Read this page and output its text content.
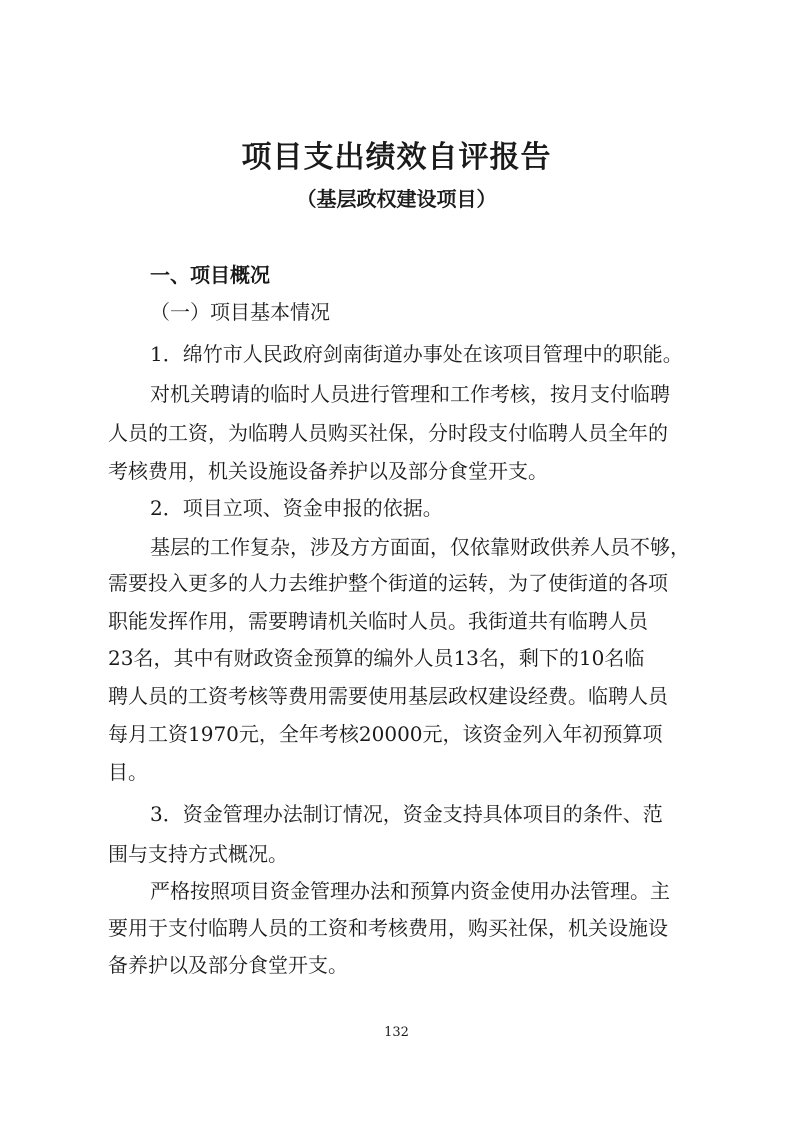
项目支出绩效自评报告
（基层政权建设项目）
一、项目概况
（一）项目基本情况
1．绵竹市人民政府剑南街道办事处在该项目管理中的职能。
对机关聘请的临时人员进行管理和工作考核，按月支付临聘
人员的工资，为临聘人员购买社保，分时段支付临聘人员全年的
考核费用，机关设施设备养护以及部分食堂开支。
2．项目立项、资金申报的依据。
基层的工作复杂，涉及方方面面，仅依靠财政供养人员不够，
需要投入更多的人力去维护整个街道的运转，为了使街道的各项
职能发挥作用，需要聘请机关临时人员。我街道共有临聘人员
23名，其中有财政资金预算的编外人员13名，剩下的10名临
聘人员的工资考核等费用需要使用基层政权建设经费。临聘人员
每月工资1970元，全年考核20000元，该资金列入年初预算项
目。
3．资金管理办法制订情况，资金支持具体项目的条件、范
围与支持方式概况。
严格按照项目资金管理办法和预算内资金使用办法管理。主
要用于支付临聘人员的工资和考核费用，购买社保，机关设施设
备养护以及部分食堂开支。
132
